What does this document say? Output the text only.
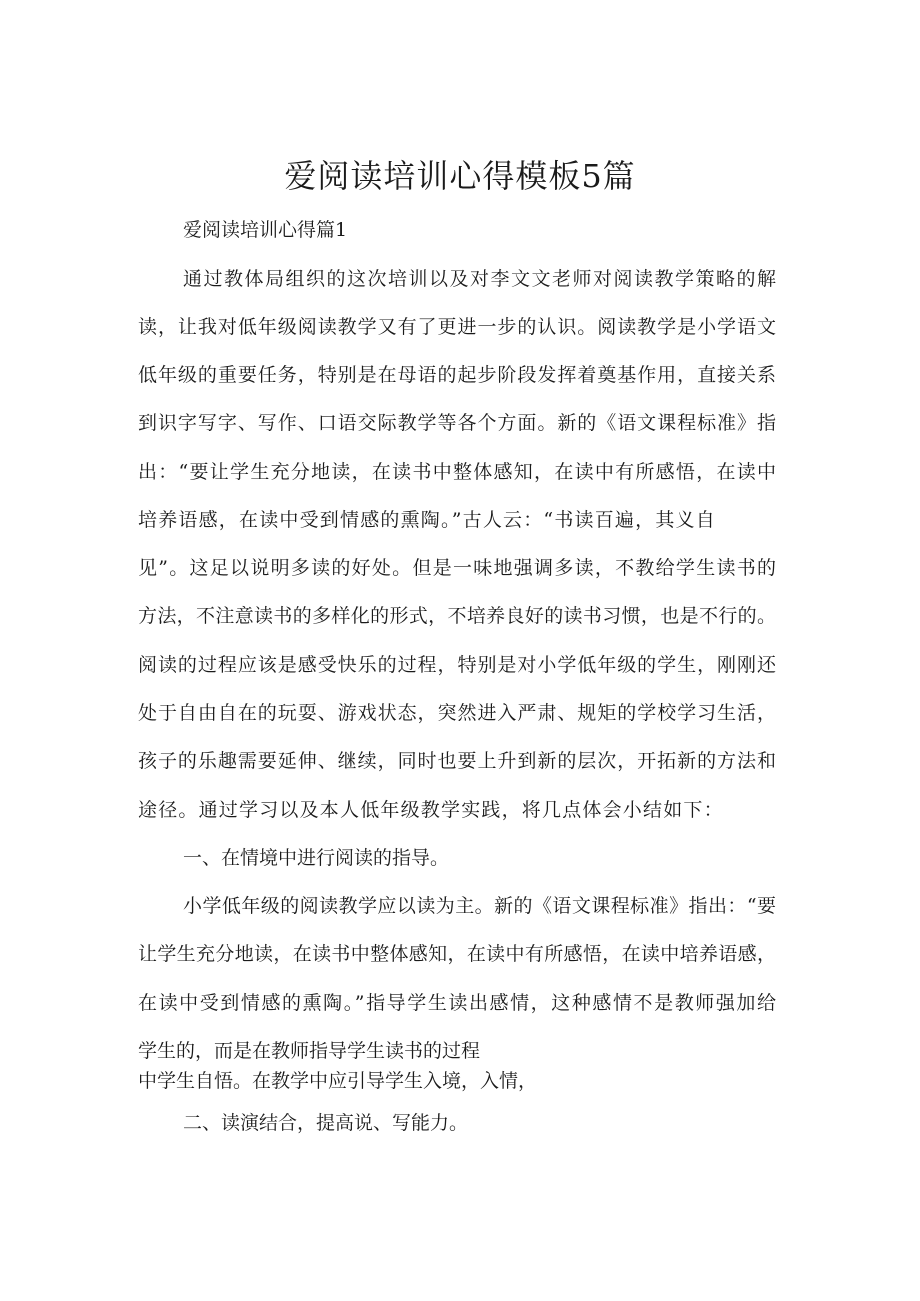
爱阅读培训心得模板5篇

爱阅读培训心得篇1

通过教体局组织的这次培训以及对李文文老师对阅读教学策略的解

读，让我对低年级阅读教学又有了更进一步的认识。阅读教学是小学语文

低年级的重要任务，特别是在母语的起步阶段发挥着奠基作用，直接关系

到识字写字、写作、口语交际教学等各个方面。新的《语文课程标准》指

出：“要让学生充分地读，在读书中整体感知，在读中有所感悟，在读中

培养语感，在读中受到情感的熏陶。”古人云：“书读百遍，其义自

见”。这足以说明多读的好处。但是一味地强调多读，不教给学生读书的

方法，不注意读书的多样化的形式，不培养良好的读书习惯，也是不行的。

阅读的过程应该是感受快乐的过程，特别是对小学低年级的学生，刚刚还

处于自由自在的玩耍、游戏状态，突然进入严肃、规矩的学校学习生活，

孩子的乐趣需要延伸、继续，同时也要上升到新的层次，开拓新的方法和

途径。通过学习以及本人低年级教学实践，将几点体会小结如下：

一、在情境中进行阅读的指导。

小学低年级的阅读教学应以读为主。新的《语文课程标准》指出：“要

让学生充分地读，在读书中整体感知，在读中有所感悟，在读中培养语感，

在读中受到情感的熏陶。”指导学生读出感情，这种感情不是教师强加给

学生的，而是在教师指导学生读书的过程

中学生自悟。在教学中应引导学生入境，入情，

二、读演结合，提高说、写能力。
